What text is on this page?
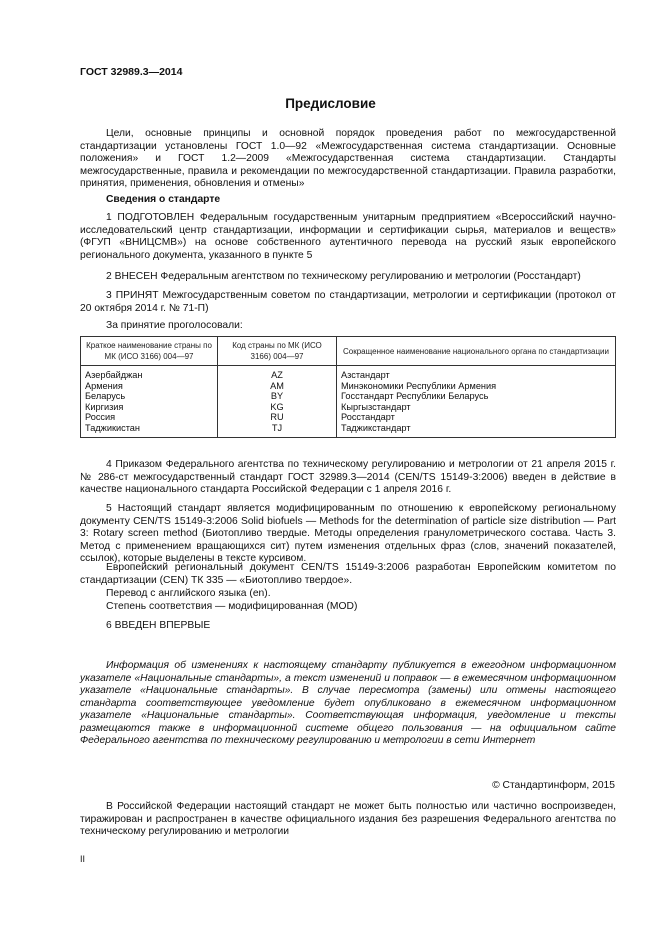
ГОСТ 32989.3—2014
Предисловие
Цели, основные принципы и основной порядок проведения работ по межгосударственной стандартизации установлены ГОСТ 1.0—92 «Межгосударственная система стандартизации. Основные положения» и ГОСТ 1.2—2009 «Межгосударственная система стандартизации. Стандарты межгосударственные, правила и рекомендации по межгосударственной стандартизации. Правила разработки, принятия, применения, обновления и отмены»
Сведения о стандарте
1 ПОДГОТОВЛЕН Федеральным государственным унитарным предприятием «Всероссийский научно-исследовательский центр стандартизации, информации и сертификации сырья, материалов и веществ» (ФГУП «ВНИЦСМВ») на основе собственного аутентичного перевода на русский язык европейского регионального документа, указанного в пункте 5
2 ВНЕСЕН Федеральным агентством по техническому регулированию и метрологии (Росстандарт)
3 ПРИНЯТ Межгосударственным советом по стандартизации, метрологии и сертификации (протокол от 20 октября 2014 г. № 71-П)
За принятие проголосовали:
Краткое наименование страны по МК (ИСО 3166) 004—97	Код страны по МК (ИСО 3166) 004—97	Сокращенное наименование национального органа по стандартизации
Азербайджан	AZ	Азстандарт
Армения	AM	Минэкономики Республики Армения
Беларусь	BY	Госстандарт Республики Беларусь
Киргизия	KG	Кыргызстандарт
Россия	RU	Росстандарт
Таджикистан	TJ	Таджикстандарт
4 Приказом Федерального агентства по техническому регулированию и метрологии от 21 апреля 2015 г. № 286-ст межгосударственный стандарт ГОСТ 32989.3—2014 (CEN/TS 15149-3:2006) введен в действие в качестве национального стандарта Российской Федерации с 1 апреля 2016 г.
5 Настоящий стандарт является модифицированным по отношению к европейскому региональному документу CEN/TS 15149-3:2006 Solid biofuels — Methods for the determination of particle size distribution — Part 3: Rotary screen method (Биотопливо твердые. Методы определения гранулометрического состава. Часть 3. Метод с применением вращающихся сит) путем изменения отдельных фраз (слов, значений показателей, ссылок), которые выделены в тексте курсивом.
Европейский региональный документ CEN/TS 15149-3:2006 разработан Европейским комитетом по стандартизации (CEN) ТК 335 — «Биотопливо твердое».
Перевод с английского языка (en).
Степень соответствия — модифицированная (MOD)
6 ВВЕДЕН ВПЕРВЫЕ
Информация об изменениях к настоящему стандарту публикуется в ежегодном информационном указателе «Национальные стандарты», а текст изменений и поправок — в ежемесячном информационном указателе «Национальные стандарты». В случае пересмотра (замены) или отмены настоящего стандарта соответствующее уведомление будет опубликовано в ежемесячном информационном указателе «Национальные стандарты». Соответствующая информация, уведомление и тексты размещаются также в информационной системе общего пользования — на официальном сайте Федерального агентства по техническому регулированию и метрологии в сети Интернет
© Стандартинформ, 2015
В Российской Федерации настоящий стандарт не может быть полностью или частично воспроизведен, тиражирован и распространен в качестве официального издания без разрешения Федерального агентства по техническому регулированию и метрологии
II
